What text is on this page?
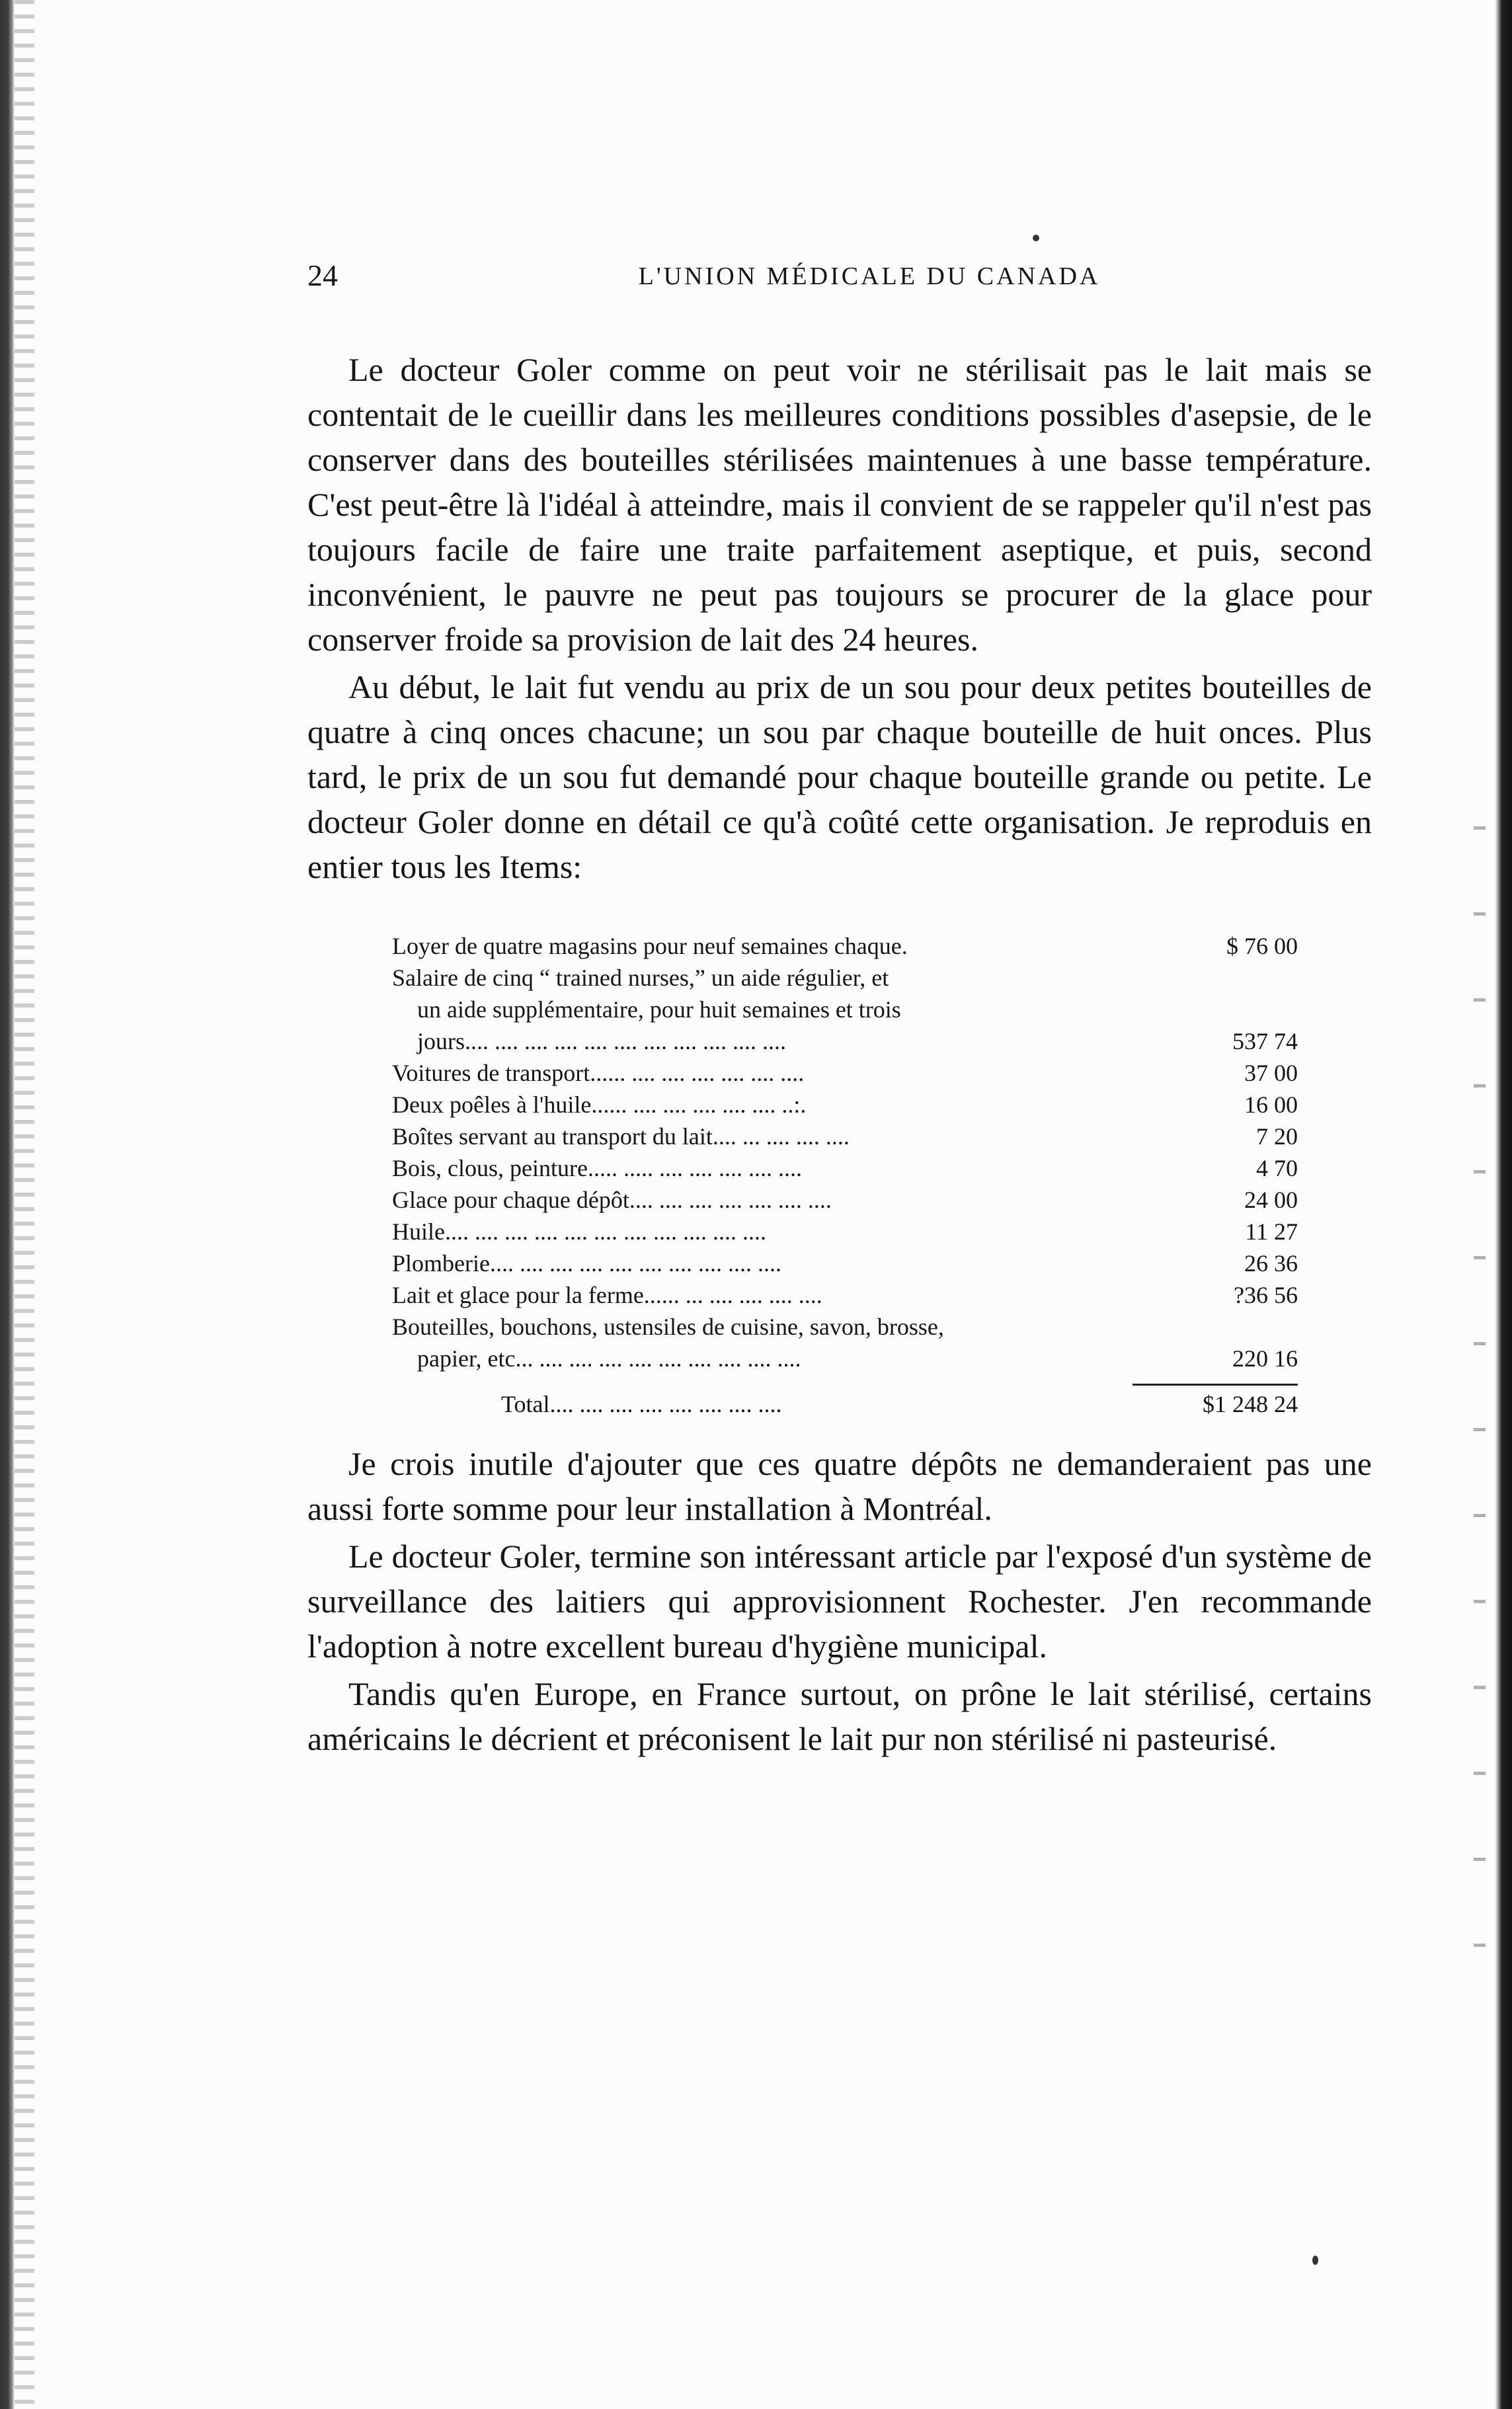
24	L'UNION MÉDICALE DU CANADA

Le docteur Goler comme on peut voir ne stérilisait pas le lait mais se contentait de le cueillir dans les meilleures conditions possibles d'asepsie, de le conserver dans des bouteilles stérilisées maintenues à une basse température. C'est peut-être là l'idéal à atteindre, mais il convient de se rappeler qu'il n'est pas toujours facile de faire une traite parfaitement aseptique, et puis, second inconvénient, le pauvre ne peut pas toujours se procurer de la glace pour conserver froide sa provision de lait des 24 heures.

Au début, le lait fut vendu au prix de un sou pour deux petites bouteilles de quatre à cinq onces chacune; un sou par chaque bouteille de huit onces. Plus tard, le prix de un sou fut demandé pour chaque bouteille grande ou petite. Le docteur Goler donne en détail ce qu'à coûté cette organisation. Je reproduis en entier tous les Items:

Loyer de quatre magasins pour neuf semaines chaque.	$ 76 00
Salaire de cinq “ trained nurses,” un aide régulier, et
un aide supplémentaire, pour huit semaines et trois
jours.... .... .... .... .... .... .... .... .... .... ....	537 74
Voitures de transport...... .... .... .... .... .... ....	37 00
Deux poêles à l'huile...... .... .... .... .... .... ..:.	16 00
Boîtes servant au transport du lait.... ... .... .... ....	7 20
Bois, clous, peinture..... ..... .... .... .... .... ....	4 70
Glace pour chaque dépôt.... .... .... .... .... .... ....	24 00
Huile.... .... .... .... .... .... .... .... .... .... ....	11 27
Plomberie.... .... .... .... .... .... .... .... .... ....	26 36
Lait et glace pour la ferme...... ... .... .... .... ....	?36 56
Bouteilles, bouchons, ustensiles de cuisine, savon, brosse,
papier, etc... .... .... .... .... .... .... .... .... ....	220 16
Total.... .... .... .... .... .... .... ....	$1 248 24

Je crois inutile d'ajouter que ces quatre dépôts ne demanderaient pas une aussi forte somme pour leur installation à Montréal.

Le docteur Goler, termine son intéressant article par l'exposé d'un système de surveillance des laitiers qui approvisionnent Rochester. J'en recommande l'adoption à notre excellent bureau d'hygiène municipal.

Tandis qu'en Europe, en France surtout, on prône le lait stérilisé, certains américains le décrient et préconisent le lait pur non stérilisé ni pasteurisé.
